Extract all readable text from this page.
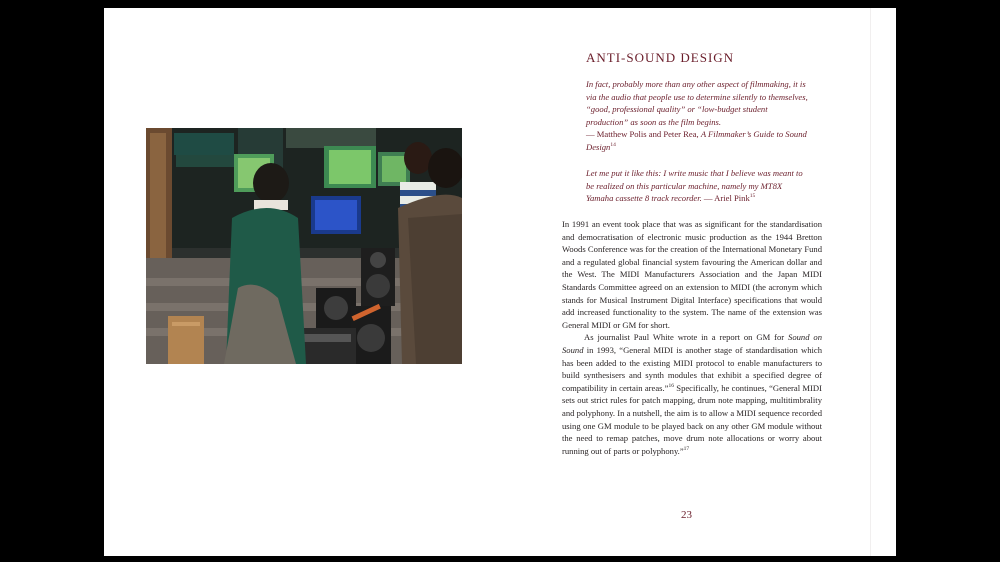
ANTI-SOUND DESIGN
In fact, probably more than any other aspect of filmmaking, it is via the audio that people use to determine silently to themselves, “good, professional quality” or “low-budget student production” as soon as the film begins.
— Matthew Polis and Peter Rea, A Filmmaker’s Guide to Sound Design$^{14}$
Let me put it like this: I write music that I believe was meant to be realized on this particular machine, namely my MT8X Yamaha cassette 8 track recorder. — Ariel Pink$^{15}$

In 1991 an event took place that was as significant for the standardisation and democratisation of electronic music production as the 1944 Bretton Woods Conference was for the creation of the International Monetary Fund and a regulated global financial system favouring the American dollar and the West. The MIDI Manufacturers Association and the Japan MIDI Standards Committee agreed on an extension to MIDI (the acronym which stands for Musical Instrument Digital Interface) specifications that would add increased functionality to the system. The name of the extension was General MIDI or GM for short.

As journalist Paul White wrote in a report on GM for Sound on Sound in 1993, “General MIDI is another stage of standardisation which has been added to the existing MIDI protocol to enable manufacturers to build synthesisers and synth modules that exhibit a specified degree of compatibility in certain areas.”$^{16}$ Specifically, he continues, “General MIDI sets out strict rules for patch mapping, drum note mapping, multitimbrality and polyphony. In a nutshell, the aim is to allow a MIDI sequence recorded using one GM module to be played back on any other GM module without the need to remap patches, move drum note allocations or worry about running out of parts or polyphony.”$^{17}$

23
